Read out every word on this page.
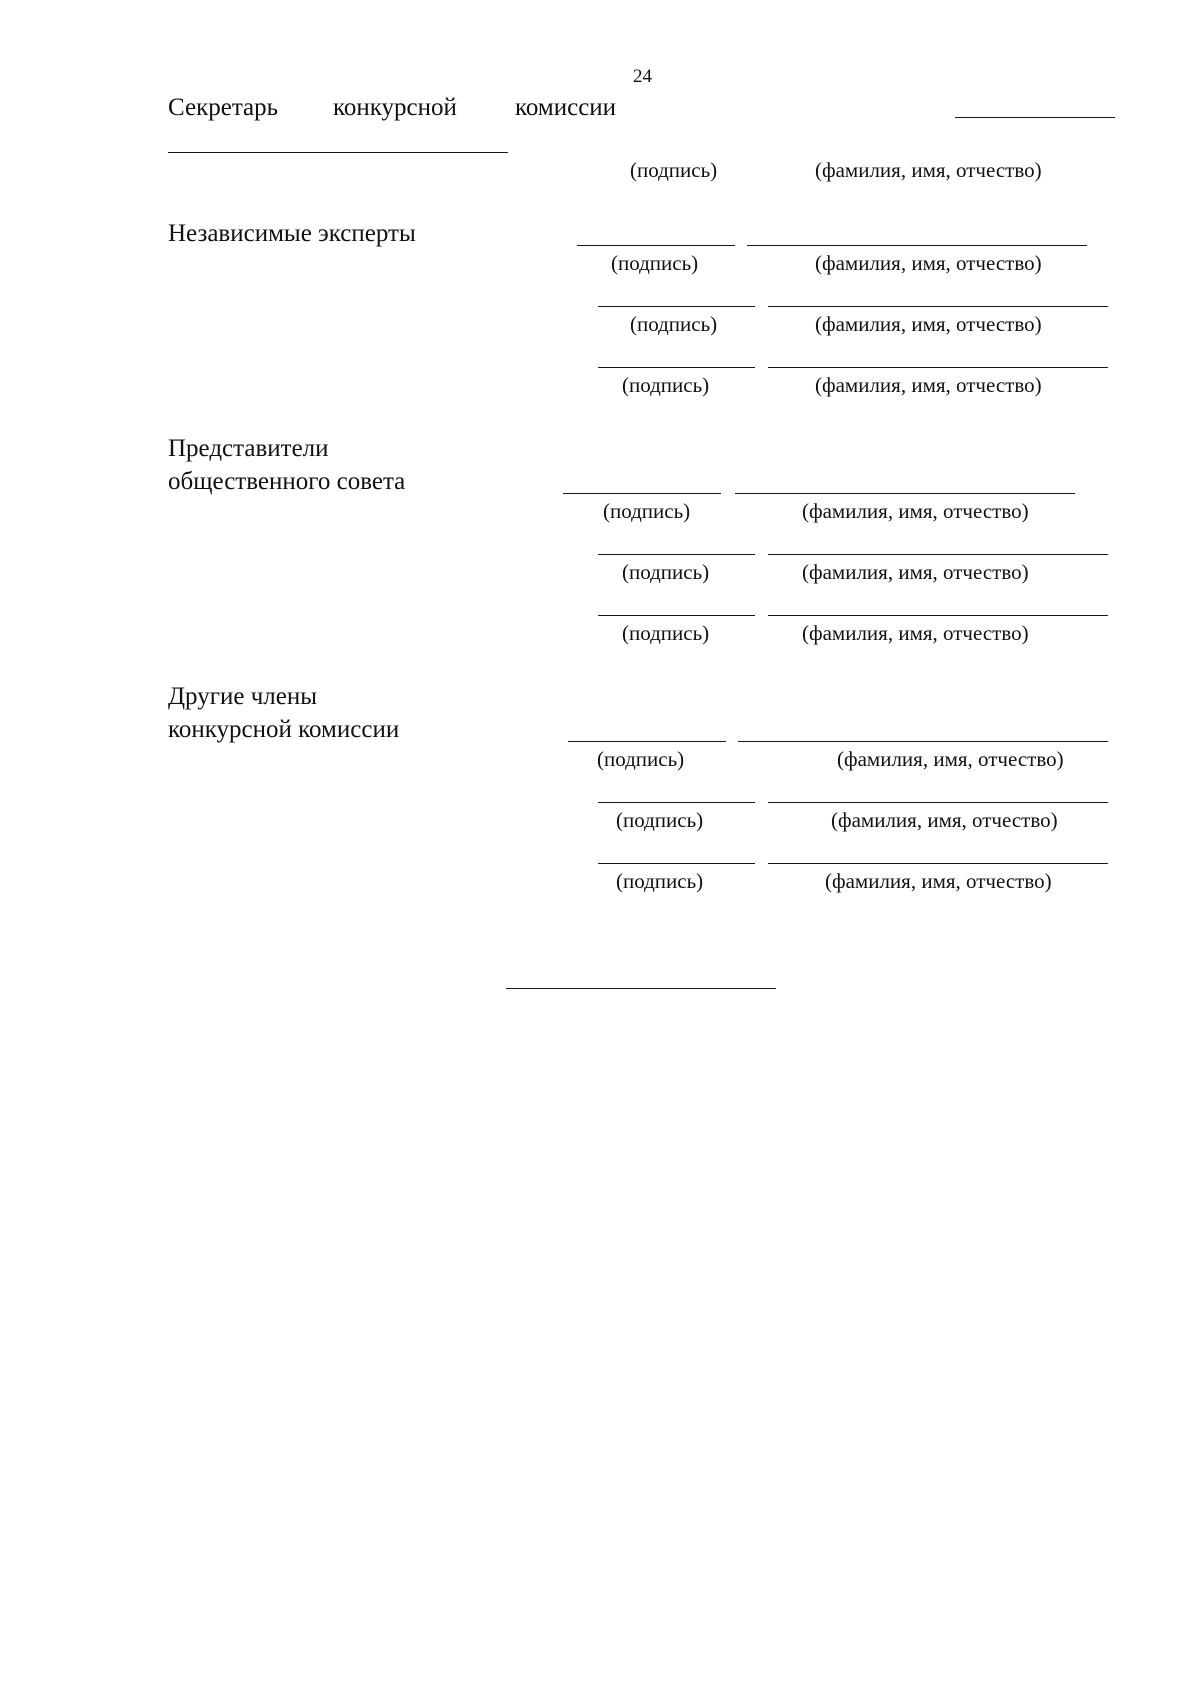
24
Секретарь конкурсной комиссии
(подпись)	(фамилия, имя, отчество)
Независимые эксперты
(подпись)	(фамилия, имя, отчество)
(подпись)	(фамилия, имя, отчество)
(подпись)	(фамилия, имя, отчество)
Представители
общественного совета
(подпись)	(фамилия, имя, отчество)
(подпись)	(фамилия, имя, отчество)
(подпись)	(фамилия, имя, отчество)
Другие члены
конкурсной комиссии
(подпись)	(фамилия, имя, отчество)
(подпись)	(фамилия, имя, отчество)
(подпись)	(фамилия, имя, отчество)
